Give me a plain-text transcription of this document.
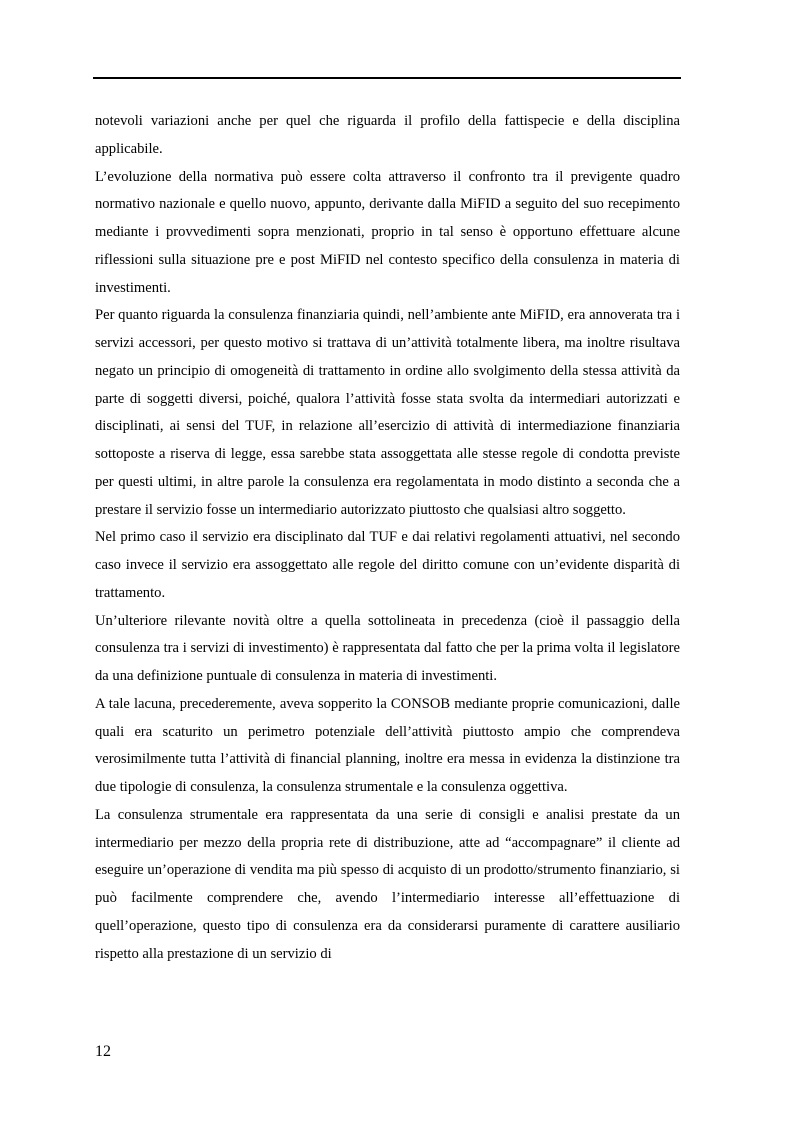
notevoli variazioni anche per quel che riguarda il profilo della fattispecie e della disciplina applicabile.

L’evoluzione della normativa può essere colta attraverso il confronto tra il previgente quadro normativo nazionale e quello nuovo, appunto, derivante dalla MiFID a seguito del suo recepimento mediante i provvedimenti sopra menzionati, proprio in tal senso è opportuno effettuare alcune riflessioni sulla situazione pre e post MiFID nel contesto specifico della consulenza in materia di investimenti.

Per quanto riguarda la consulenza finanziaria quindi, nell’ambiente ante MiFID, era annoverata tra i servizi accessori, per questo motivo si trattava di un’attività totalmente libera, ma inoltre risultava negato un principio di omogeneità di trattamento in ordine allo svolgimento della stessa attività da parte di soggetti diversi, poiché, qualora l’attività fosse stata svolta da intermediari autorizzati e disciplinati, ai sensi del TUF, in relazione all’esercizio di attività di intermediazione finanziaria sottoposte a riserva di legge, essa sarebbe stata assoggettata alle stesse regole di condotta previste per questi ultimi, in altre parole la consulenza era regolamentata in modo distinto a seconda che a prestare il servizio fosse un intermediario autorizzato piuttosto che qualsiasi altro soggetto.

Nel primo caso il servizio era disciplinato dal TUF e dai relativi regolamenti attuativi, nel secondo caso invece il servizio era assoggettato alle regole del diritto comune con un’evidente disparità di trattamento.

Un’ulteriore rilevante novità oltre a quella sottolineata in precedenza (cioè il passaggio della consulenza tra i servizi di investimento) è rappresentata dal fatto che per la prima volta il legislatore da una definizione puntuale di consulenza in materia di investimenti.

A tale lacuna, precederemente, aveva sopperito la CONSOB mediante proprie comunicazioni, dalle quali era scaturito un perimetro potenziale dell’attività piuttosto ampio che comprendeva verosimilmente tutta l’attività di financial planning, inoltre era messa in evidenza la distinzione tra due tipologie di consulenza, la consulenza strumentale e la consulenza oggettiva.

La consulenza strumentale era rappresentata da una serie di consigli e analisi prestate da un intermediario per mezzo della propria rete di distribuzione, atte ad “accompagnare” il cliente ad eseguire un’operazione di vendita ma più spesso di acquisto di un prodotto/strumento finanziario, si può facilmente comprendere che, avendo l’intermediario interesse all’effettuazione di quell’operazione, questo tipo di consulenza era da considerarsi puramente di carattere ausiliario rispetto alla prestazione di un servizio di

12
